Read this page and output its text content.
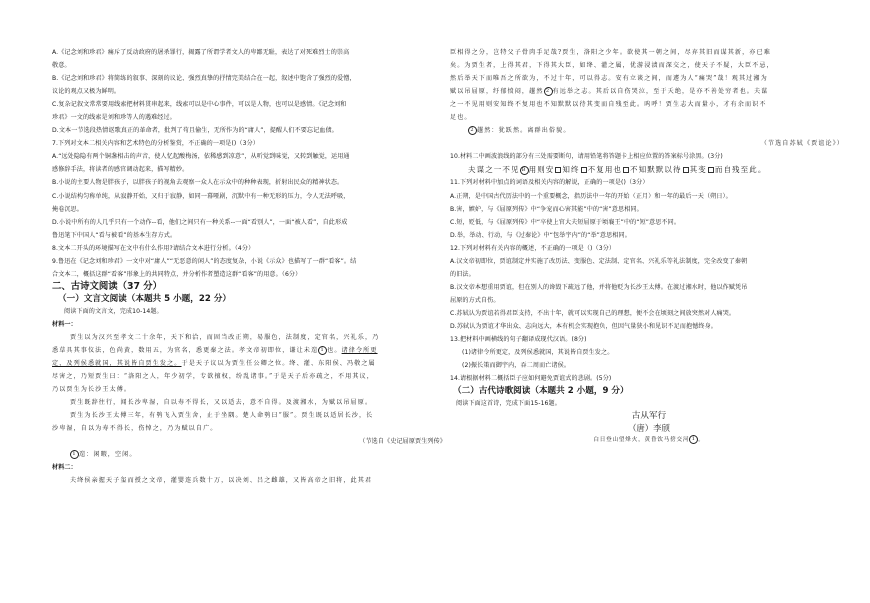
A.《记念刘和珍君》痛斥了反动政府的屠杀罪行，揭露了所谓学者文人的卑鄙无耻，表达了对死难烈士的崇高
敬意。
B.《记念刘和珍君》将简练的叙事、深刻的议论、强烈真挚的抒情完美结合在一起，叙述中饱含了强烈的爱憎，
议论的观点又极为鲜明。
C.复杂记叙文常常要用线索把材料贯串起来，线索可以是中心事件，可以是人物，也可以是感情。《记念刘和
珍君》一文的线索是刘和珍等人的遇难经过。
D.文本一节选段热情讴歌真正的革命者，批判了苟且偷生，无所作为的“庸人”，提醒人们不要忘记血债。
7.下列对文本二相关内容和艺术特色的分析鉴赏，不正确的一项是()（3分）
A.“远处隐隐有两个铜盏相击的声音，使人忆起酸梅汤，依稀感到凉意”，从听觉到味觉，又转到触觉，运用通
感修辞手法，将读者的感官调动起来，描写精妙。
B.小说的主要人物是胖孩子，以胖孩子的视角去观察一众人在示众中的种种表现，折射出民众的精神状态。
C.小说结构匀称单纯，从寂静开始，又归于寂静，如同一幕哑剧，沉默中有一种无形的压力，令人无法呼吸，
掩卷沉思。
D.小说中所有的人几乎只有一个动作--看，他们之间只有一种关系--一面“看别人”，一面“被人看”，自此形成
鲁迅笔下中国人“看与被看”的基本生存方式。
8.文本二开头的环境描写在文中有什么作用?请结合文本进行分析。（4分）
9.鲁迅在《记念刘和珍君》一文中对“庸人”“无恶意的闲人”的态度复杂，小说《示众》也描写了一群“看客”。结
合文本二，概括这群“看客”形象上的共同特点，并分析作者塑造这群“看客”的用意。（6分）
二、古诗文阅读（37 分）
（一）文言文阅读（本题共 5 小题，22 分）
阅读下面的文言文，完成10-14题。
材料一：
贾生以为汉兴至孝文二十余年，天下和洽，而固当改正朔，易服色，法制度，定官名，兴礼乐，乃
悉草具其事仪法，色尚黄，数用五，为官名，悉更秦之法。孝文帝初即位，谦让未遑 1 也。诸律令所更
定，及列侯悉就国，其说皆自贾生发之。于是天子议以为贾生任公卿之位。绛、灌、东阳侯、冯敬之属
尽害之，乃短贾生曰：“洛阳之人，年少初学，专欲擅权，纷乱诸事。”于是天子后亦疏之，不用其议，
乃以贾生为长沙王太傅。
贾生既辞往行，闻长沙卑湿，自以寿不得长，又以适去，意不自得。及渡湘水，为赋以吊屈原。
贾生为长沙王太傅三年，有鸮飞入贾生舍，止于坐隅。楚人命鸮曰“服”。贾生既以适居长沙，长
沙卑湿，自以为寿不得长，伤悼之，乃为赋以自广。
（节选自《史记屈原贾生列传》
1 遑：闲暇，空闲。
材料二：
夫绛侯亲握天子玺而授之文帝，灌婴连兵数十万，以决刘、吕之雌雄，又皆高帝之旧将，此其君
臣相得之分，岂特父子骨肉手足哉?贾生，洛阳之少年。欲使其一朝之间，尽弃其旧而谋其新，亦已难
矣。为贾生者，上得其君，下得其大臣，如绛、灌之属，优游浸渍而深交之，使天子不疑，大臣不忌，
然后举天下而唯吾之所欲为，不过十年，可以得志。安有立谈之间，而遽为人“痛哭”哉！观其过湘为
赋以吊屈原，纡郁愤闷，趯然 2 有远举之志。其后以自伤哭泣，至于夭绝，是亦不善处穷者也。夫谋
之一不见用则安知终不复用也不知默默以待其变而自残至此。呜呼！贾生志大而量小，才有余而识不
足也。
2 趯然：犹跃然。离群出俗貌。
（节选自苏轼《贾谊论》）
10.材料二中画波浪线的部分有三处需要断句，请用铅笔将答题卡上相应位置的答案标号涂黑。(3分)
夫谋之一不见 B 用则安 知终 不复用也 不知默默以待 其变 而自残至此。
11.下列对材料中加点的词语及相关内容的解说，正确的一项是()（3分）
A.正朔，是中国古代历法中的一个重要概念，指历法中一年的开始（正月）和一年的最后一天（朔日）。
B.害，嫉妒，与《屈原列传》中“争宠而心害其能”中的“害”意思相同。
C.短，贬低，与《屈原列传》中“卒使上官大夫短屈原于顷襄王”中的“短”意思不同。
D.举，举动、行动，与《过秦论》中“包举宇内”的“举”意思相同。
12.下列对材料有关内容的概述，不正确的一项是（)（3分）
A.汉文帝初即位，贾谊制定并实施了改历法、变服色、定法制、定官名、兴礼乐等礼法制度，完全改变了秦朝
的旧法。
B.汉文帝本想重用贾谊，但在别人的谗毁下疏远了他，并将他贬为长沙王太傅。在渡过湘水时，他以作赋凭吊
屈原的方式自伤。
C.苏轼认为贾谊若得君臣支持，不出十年，就可以实现自己的理想，便不会在顷刻之间放突然对人痛哭。
D.苏轼认为贾谊才华出众、志向远大，本有机会实现抱负，但因气量狭小和见识不足而抱憾终身。
13.把材料中画横线的句子翻译成现代汉语。(8分)
(1)诸律令所更定，及列侯悉就国，其说皆自贾生发之。
(2)振长策而御宇内，吞二周而亡诸侯。
14.请根据材料二概括臣子应如何避免贾谊式的悲剧。(5分)
（二）古代诗歌阅读（本题共 2 小题，9 分）
阅读下面这首诗，完成下面15-16题。
古从军行
（唐）李颀
白日登山望烽火，黄昏饮马傍交河 1 。
